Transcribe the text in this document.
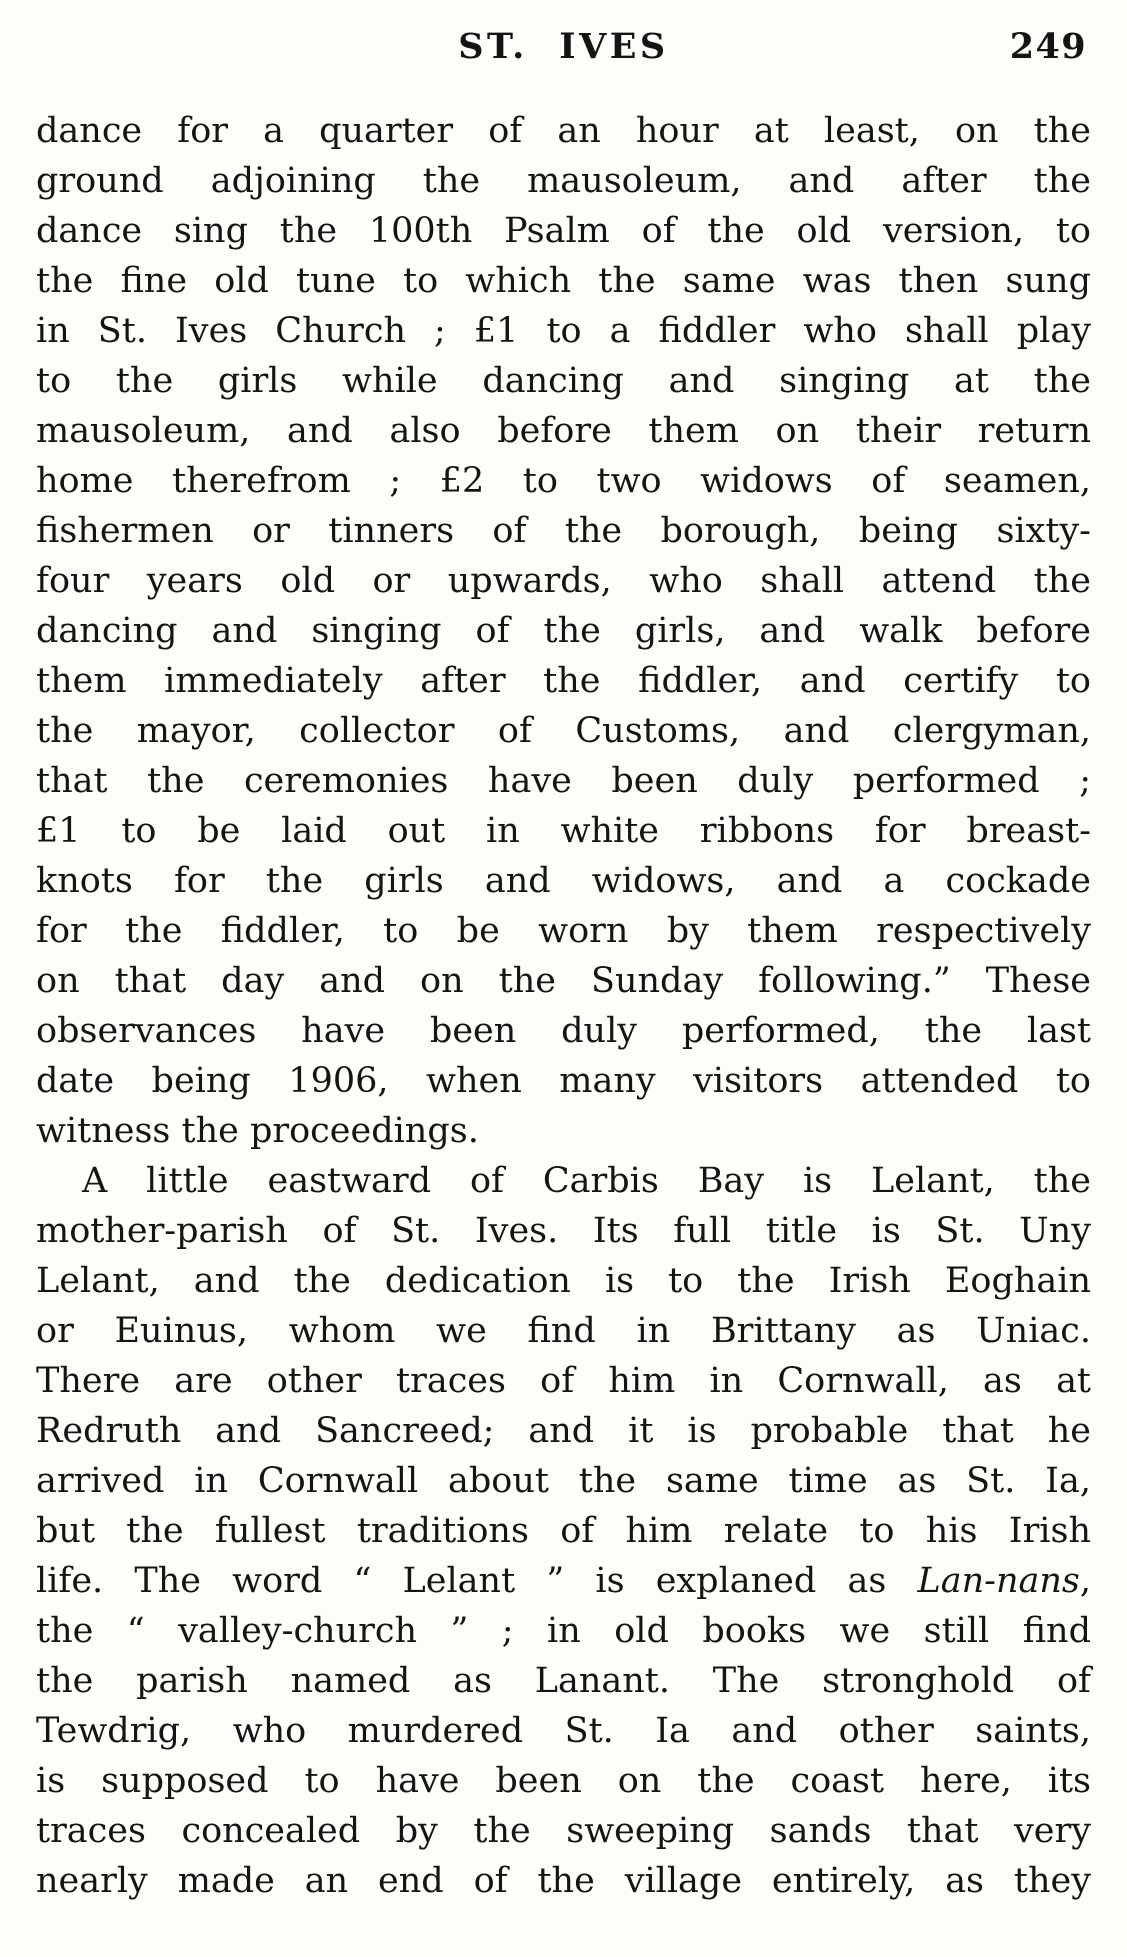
ST. IVES	249
dance for a quarter of an hour at least, on the
ground adjoining the mausoleum, and after the
dance sing the 100th Psalm of the old version, to
the fine old tune to which the same was then sung
in St. Ives Church ; £1 to a fiddler who shall play
to the girls while dancing and singing at the
mausoleum, and also before them on their return
home therefrom ; £2 to two widows of seamen,
fishermen or tinners of the borough, being sixty-
four years old or upwards, who shall attend the
dancing and singing of the girls, and walk before
them immediately after the fiddler, and certify to
the mayor, collector of Customs, and clergyman,
that the ceremonies have been duly performed ;
£1 to be laid out in white ribbons for breast-
knots for the girls and widows, and a cockade
for the fiddler, to be worn by them respectively
on that day and on the Sunday following.” These
observances have been duly performed, the last
date being 1906, when many visitors attended to
witness the proceedings.
A little eastward of Carbis Bay is Lelant, the
mother-parish of St. Ives. Its full title is St. Uny
Lelant, and the dedication is to the Irish Eoghain
or Euinus, whom we find in Brittany as Uniac.
There are other traces of him in Cornwall, as at
Redruth and Sancreed; and it is probable that he
arrived in Cornwall about the same time as St. Ia,
but the fullest traditions of him relate to his Irish
life. The word “ Lelant ” is explaned as Lan-nans,
the “ valley-church ” ; in old books we still find
the parish named as Lanant. The stronghold of
Tewdrig, who murdered St. Ia and other saints,
is supposed to have been on the coast here, its
traces concealed by the sweeping sands that very
nearly made an end of the village entirely, as they
